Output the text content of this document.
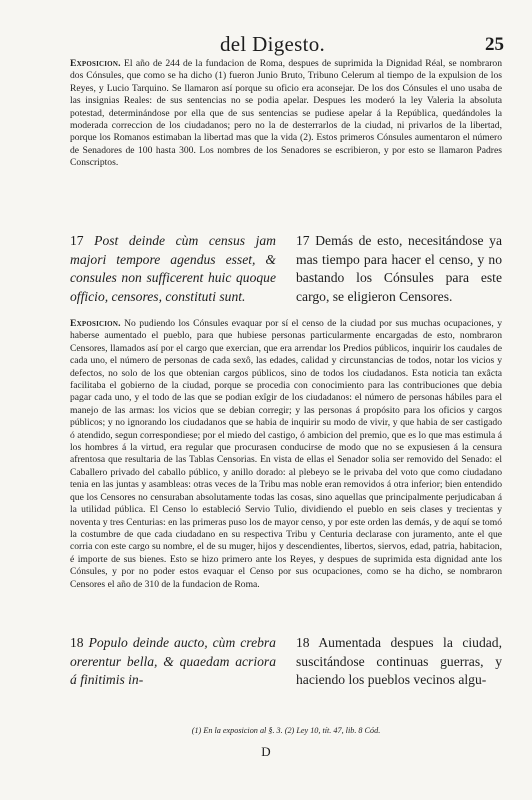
del Digesto.	25
Exposicion. El año de 244 de la fundacion de Roma, despues de suprimida la Dignidad Réal, se nombraron dos Cónsules, que como se ha dicho (1) fueron Junio Bruto, Tribuno Celerum al tiempo de la expulsion de los Reyes, y Lucio Tarquino. Se llamaron así porque su oficio era aconsejar. De los dos Cónsules el uno usaba de las insignias Reales: de sus sentencias no se podia apelar. Despues les moderó la ley Valeria la absoluta potestad, determinándose por ella que de sus sentencias se pudiese apelar á la República, quedándoles la moderada correccion de los ciudadanos; pero no la de desterrarlos de la ciudad, ni privarlos de la libertad, porque los Romanos estimaban la libertad mas que la vida (2). Estos primeros Cónsules aumentaron el número de Senadores de 100 hasta 300. Los nombres de los Senadores se escribieron, y por esto se llamaron Padres Conscriptos.
17 Post deinde cùm census jam majori tempore agendus esset, & consules non sufficerent huic quoque officio, censores, constituti sunt.
17 Demás de esto, necesitándose ya mas tiempo para hacer el censo, y no bastando los Cónsules para este cargo, se eligieron Censores.
Exposicion. No pudiendo los Cónsules evaquar por sí el censo de la ciudad por sus muchas ocupaciones, y haberse aumentado el pueblo, para que hubiese personas particularmente encargadas de esto, nombraron Censores, llamados así por el cargo que exercian, que era arrendar los Predios públicos, inquirir los caudales de cada uno, el número de personas de cada sexô, las edades, calidad y circunstancias de todos, notar los vicios y defectos, no solo de los que obtenian cargos públicos, sino de todos los ciudadanos. Esta noticia tan exâcta facilitaba el gobierno de la ciudad, porque se procedia con conocimiento para las contribuciones que debia pagar cada uno, y el todo de las que se podian exîgir de los ciudadanos: el número de personas hábiles para el manejo de las armas: los vicios que se debian corregir; y las personas á propósito para los oficios y cargos públicos; y no ignorando los ciudadanos que se habia de inquirir su modo de vivir, y que habia de ser castigado ó atendido, segun correspondiese; por el miedo del castigo, ó ambicion del premio, que es lo que mas estimula á los hombres á la virtud, era regular que procurasen conducirse de modo que no se expusiesen á la censura afrentosa que resultaria de las Tablas Censorias. En vista de ellas el Senador solia ser removido del Senado: el Caballero privado del caballo público, y anillo dorado: al plebeyo se le privaba del voto que como ciudadano tenia en las juntas y asambleas: otras veces de la Tribu mas noble eran removidos á otra inferior; bien entendido que los Censores no censuraban absolutamente todas las cosas, sino aquellas que principalmente perjudicaban á la utilidad pública. El Censo lo estableció Servio Tulio, dividiendo el pueblo en seis clases y trecientas y noventa y tres Centurias: en las primeras puso los de mayor censo, y por este orden las demás, y de aquí se tomó la costumbre de que cada ciudadano en su respectiva Tribu y Centuria declarase con juramento, ante el que corria con este cargo su nombre, el de su muger, hijos y descendientes, libertos, siervos, edad, patria, habitacion, é importe de sus bienes. Esto se hizo primero ante los Reyes, y despues de suprimida esta dignidad ante los Cónsules, y por no poder estos evaquar el Censo por sus ocupaciones, como se ha dicho, se nombraron Censores el año de 310 de la fundacion de Roma.
18 Populo deinde aucto, cùm crebra orerentur bella, & quaedam acriora á finitimis in-
18 Aumentada despues la ciudad, suscitándose continuas guerras, y haciendo los pueblos vecinos algu-
(1) En la exposicion al §. 3. (2) Ley 10, tít. 47, lib. 8 Cód.
D
